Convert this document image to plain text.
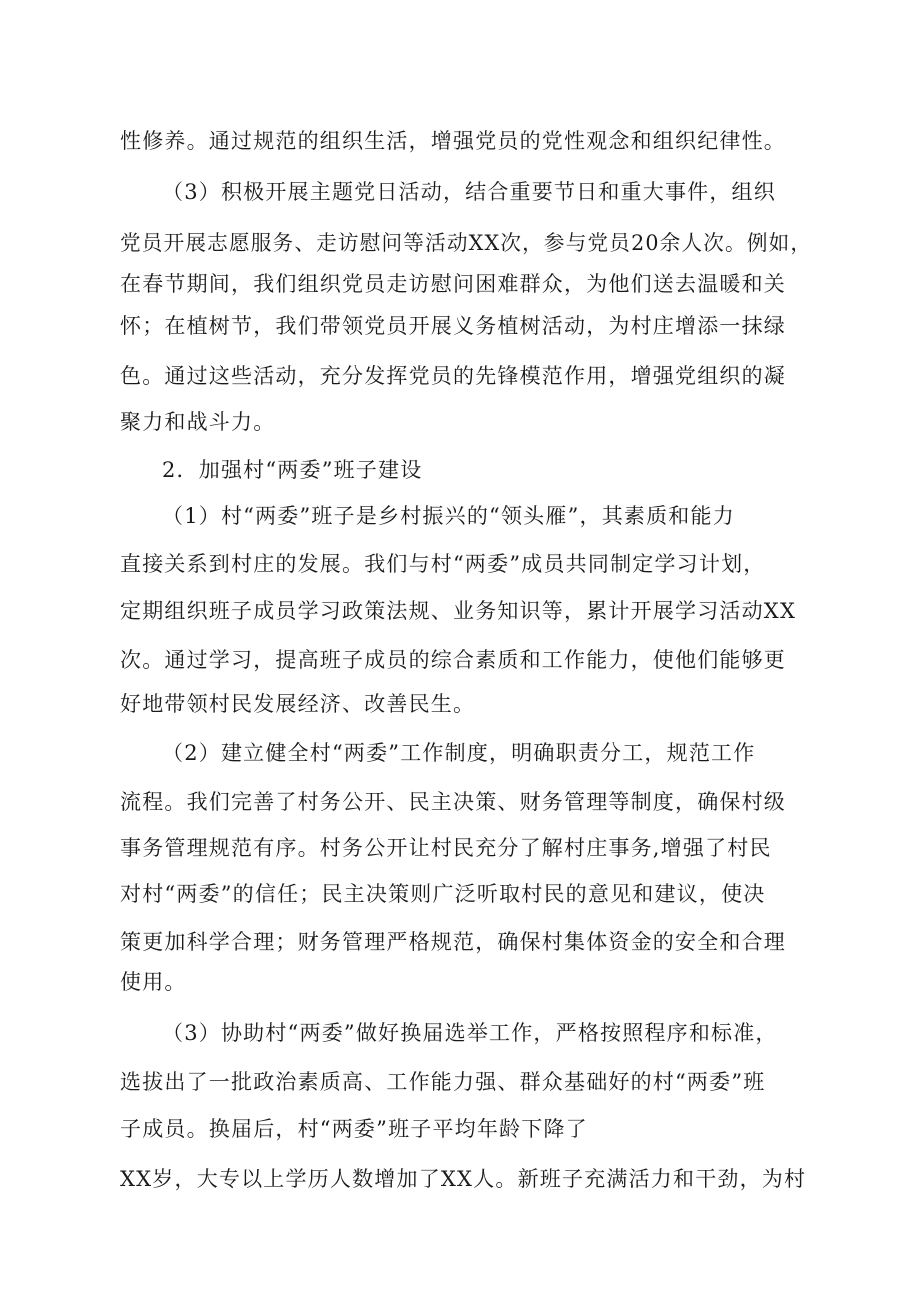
性修养。通过规范的组织生活，增强党员的党性观念和组织纪律性。
（3）积极开展主题党日活动，结合重要节日和重大事件，组织
党员开展志愿服务、走访慰问等活动XX次，参与党员20余人次。例如，
在春节期间，我们组织党员走访慰问困难群众，为他们送去温暖和关
怀；在植树节，我们带领党员开展义务植树活动，为村庄增添一抹绿
色。通过这些活动，充分发挥党员的先锋模范作用，增强党组织的凝
聚力和战斗力。
2．加强村“两委”班子建设
（1）村“两委”班子是乡村振兴的“领头雁”，其素质和能力
直接关系到村庄的发展。我们与村“两委”成员共同制定学习计划，
定期组织班子成员学习政策法规、业务知识等，累计开展学习活动XX
次。通过学习，提高班子成员的综合素质和工作能力，使他们能够更
好地带领村民发展经济、改善民生。
（2）建立健全村“两委”工作制度，明确职责分工，规范工作
流程。我们完善了村务公开、民主决策、财务管理等制度，确保村级
事务管理规范有序。村务公开让村民充分了解村庄事务,增强了村民
对村“两委”的信任；民主决策则广泛听取村民的意见和建议，使决
策更加科学合理；财务管理严格规范，确保村集体资金的安全和合理
使用。
（3）协助村“两委”做好换届选举工作，严格按照程序和标准，
选拔出了一批政治素质高、工作能力强、群众基础好的村“两委”班
子成员。换届后，村“两委”班子平均年龄下降了
XX岁，大专以上学历人数增加了XX人。新班子充满活力和干劲，为村
